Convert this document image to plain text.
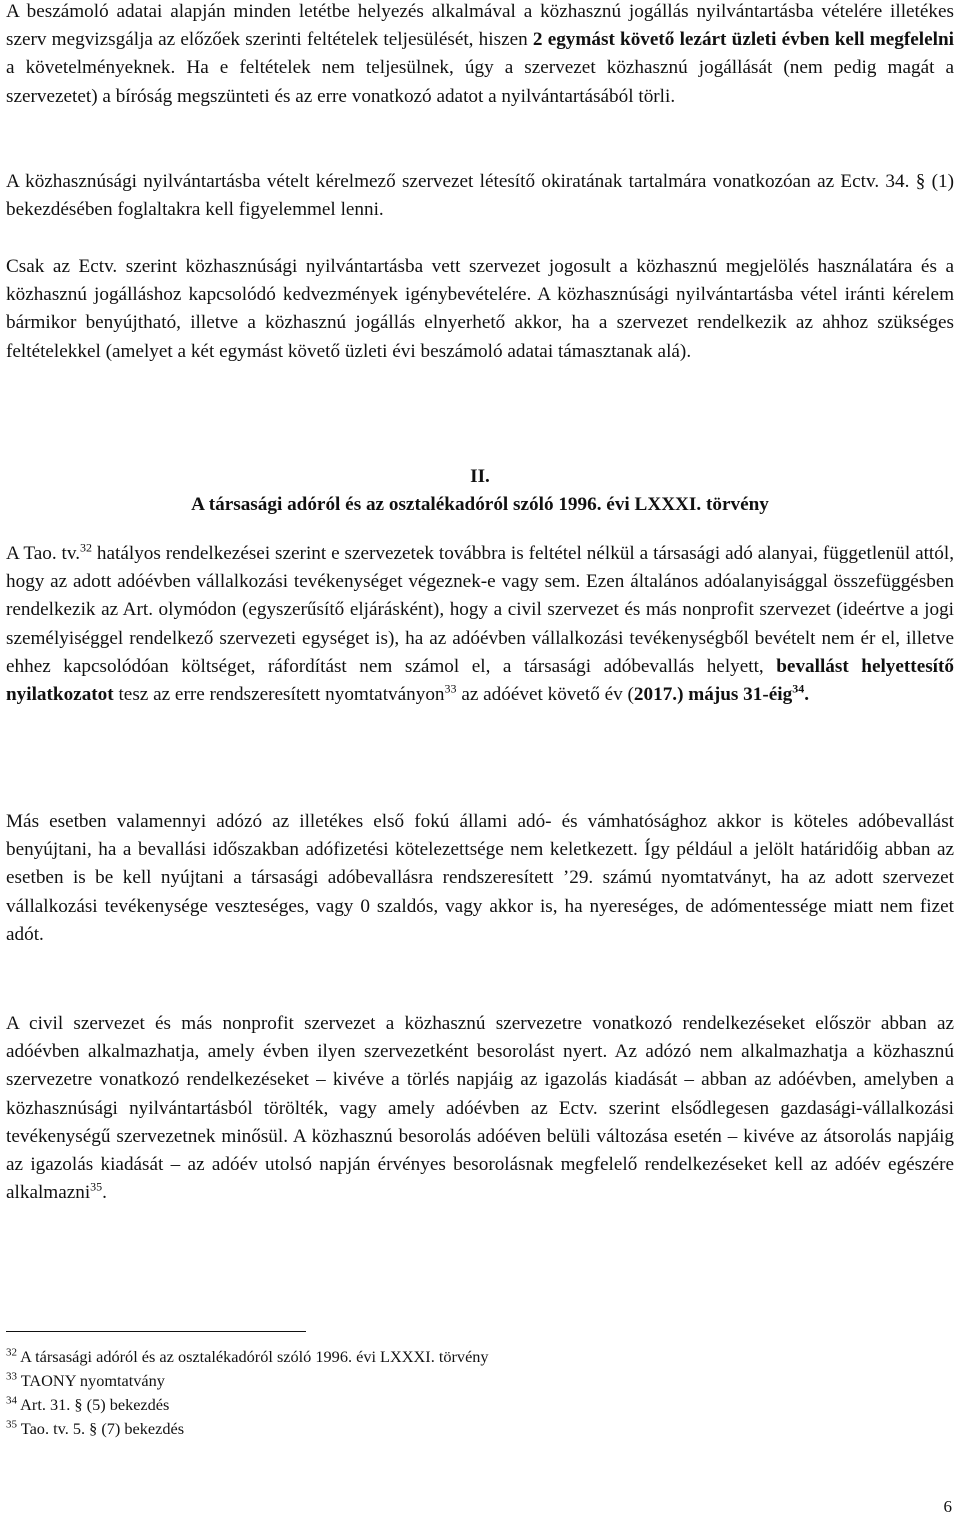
A beszámoló adatai alapján minden letétbe helyezés alkalmával a közhasznú jogállás nyilvántartásba vételére illetékes szerv megvizsgálja az előzőek szerinti feltételek teljesülését, hiszen 2 egymást követő lezárt üzleti évben kell megfelelni a követelményeknek. Ha e feltételek nem teljesülnek, úgy a szervezet közhasznú jogállását (nem pedig magát a szervezetet) a bíróság megszünteti és az erre vonatkozó adatot a nyilvántartásából törli.

A közhasznúsági nyilvántartásba vételt kérelmező szervezet létesítő okiratának tartalmára vonatkozóan az Ectv. 34. § (1) bekezdésében foglaltakra kell figyelemmel lenni.

Csak az Ectv. szerint közhasznúsági nyilvántartásba vett szervezet jogosult a közhasznú megjelölés használatára és a közhasznú jogálláshoz kapcsolódó kedvezmények igénybevételére. A közhasznúsági nyilvántartásba vétel iránti kérelem bármikor benyújtható, illetve a közhasznú jogállás elnyerhető akkor, ha a szervezet rendelkezik az ahhoz szükséges feltételekkel (amelyet a két egymást követő üzleti évi beszámoló adatai támasztanak alá).

II.

A társasági adóról és az osztalékadóról szóló 1996. évi LXXXI. törvény

A Tao. tv.$^{32}$ hatályos rendelkezései szerint e szervezetek továbbra is feltétel nélkül a társasági adó alanyai, függetlenül attól, hogy az adott adóévben vállalkozási tevékenységet végeznek-e vagy sem. Ezen általános adóalanyisággal összefüggésben rendelkezik az Art. olymódon (egyszerűsítő eljárásként), hogy a civil szervezet és más nonprofit szervezet (ideértve a jogi személyiséggel rendelkező szervezeti egységet is), ha az adóévben vállalkozási tevékenységből bevételt nem ér el, illetve ehhez kapcsolódóan költséget, ráfordítást nem számol el, a társasági adóbevallás helyett, bevallást helyettesítő nyilatkozatot tesz az erre rendszeresített nyomtatványon$^{33}$ az adóévet követő év (2017.) május 31-éig$^{34}$.

Más esetben valamennyi adózó az illetékes első fokú állami adó- és vámhatósághoz akkor is köteles adóbevallást benyújtani, ha a bevallási időszakban adófizetési kötelezettsége nem keletkezett. Így például a jelölt határidőig abban az esetben is be kell nyújtani a társasági adóbevallásra rendszeresített ’29. számú nyomtatványt, ha az adott szervezet vállalkozási tevékenysége veszteséges, vagy 0 szaldós, vagy akkor is, ha nyereséges, de adómentessége miatt nem fizet adót.

A civil szervezet és más nonprofit szervezet a közhasznú szervezetre vonatkozó rendelkezéseket először abban az adóévben alkalmazhatja, amely évben ilyen szervezetként besorolást nyert. Az adózó nem alkalmazhatja a közhasznú szervezetre vonatkozó rendelkezéseket – kivéve a törlés napjáig az igazolás kiadását – abban az adóévben, amelyben a közhasznúsági nyilvántartásból törölték, vagy amely adóévben az Ectv. szerint elsődlegesen gazdasági-vállalkozási tevékenységű szervezetnek minősül. A közhasznú besorolás adóéven belüli változása esetén – kivéve az átsorolás napjáig az igazolás kiadását – az adóév utolsó napján érvényes besorolásnak megfelelő rendelkezéseket kell az adóév egészére alkalmazni$^{35}$.

$^{32}$ A társasági adóról és az osztalékadóról szóló 1996. évi LXXXI. törvény

$^{33}$ TAONY nyomtatvány

$^{34}$ Art. 31. § (5) bekezdés

$^{35}$ Tao. tv. 5. § (7) bekezdés

6
